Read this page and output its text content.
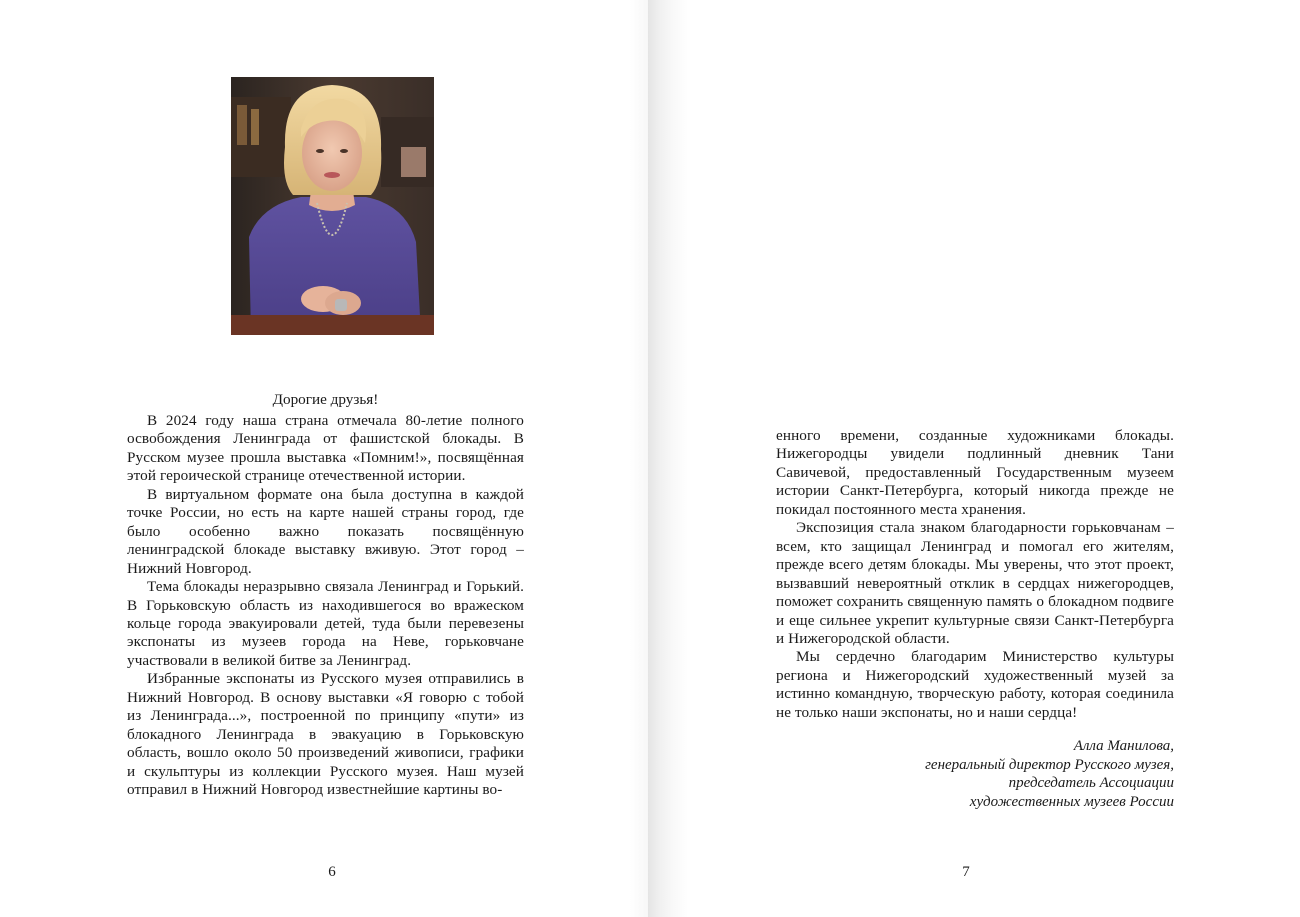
Дорогие друзья!

В 2024 году наша страна отмечала 80-летие полного освобождения Ленинграда от фашистской блокады. В Русском музее прошла выставка «Помним!», посвящённая этой героической странице отечественной истории.

В виртуальном формате она была доступна в каждой точке России, но есть на карте нашей страны город, где было особенно важно показать посвящённую ленинградской блокаде выставку вживую. Этот город – Нижний Новгород.

Тема блокады неразрывно связала Ленинград и Горький. В Горьковскую область из находившегося во вражеском кольце города эвакуировали детей, туда были перевезены экспонаты из музеев города на Неве, горьковчане участвовали в великой битве за Ленинград.

Избранные экспонаты из Русского музея отправились в Нижний Новгород. В основу выставки «Я говорю с тобой из Ленинграда...», построенной по принципу «пути» из блокадного Ленинграда в эвакуацию в Горьковскую область, вошло около 50 произведений живописи, графики и скульптуры из коллекции Русского музея. Наш музей отправил в Нижний Новгород известнейшие картины во-

6

енного времени, созданные художниками блокады. Нижегородцы увидели подлинный дневник Тани Савичевой, предоставленный Государственным музеем истории Санкт-Петербурга, который никогда прежде не покидал постоянного места хранения.

Экспозиция стала знаком благодарности горьковчанам – всем, кто защищал Ленинград и помогал его жителям, прежде всего детям блокады. Мы уверены, что этот проект, вызвавший невероятный отклик в сердцах нижегородцев, поможет сохранить священную память о блокадном подвиге и еще сильнее укрепит культурные связи Санкт-Петербурга и Нижегородской области.

Мы сердечно благодарим Министерство культуры региона и Нижегородский художественный музей за истинно командную, творческую работу, которая соединила не только наши экспонаты, но и наши сердца!

Алла Манилова,
генеральный директор Русского музея,
председатель Ассоциации
художественных музеев России
7
